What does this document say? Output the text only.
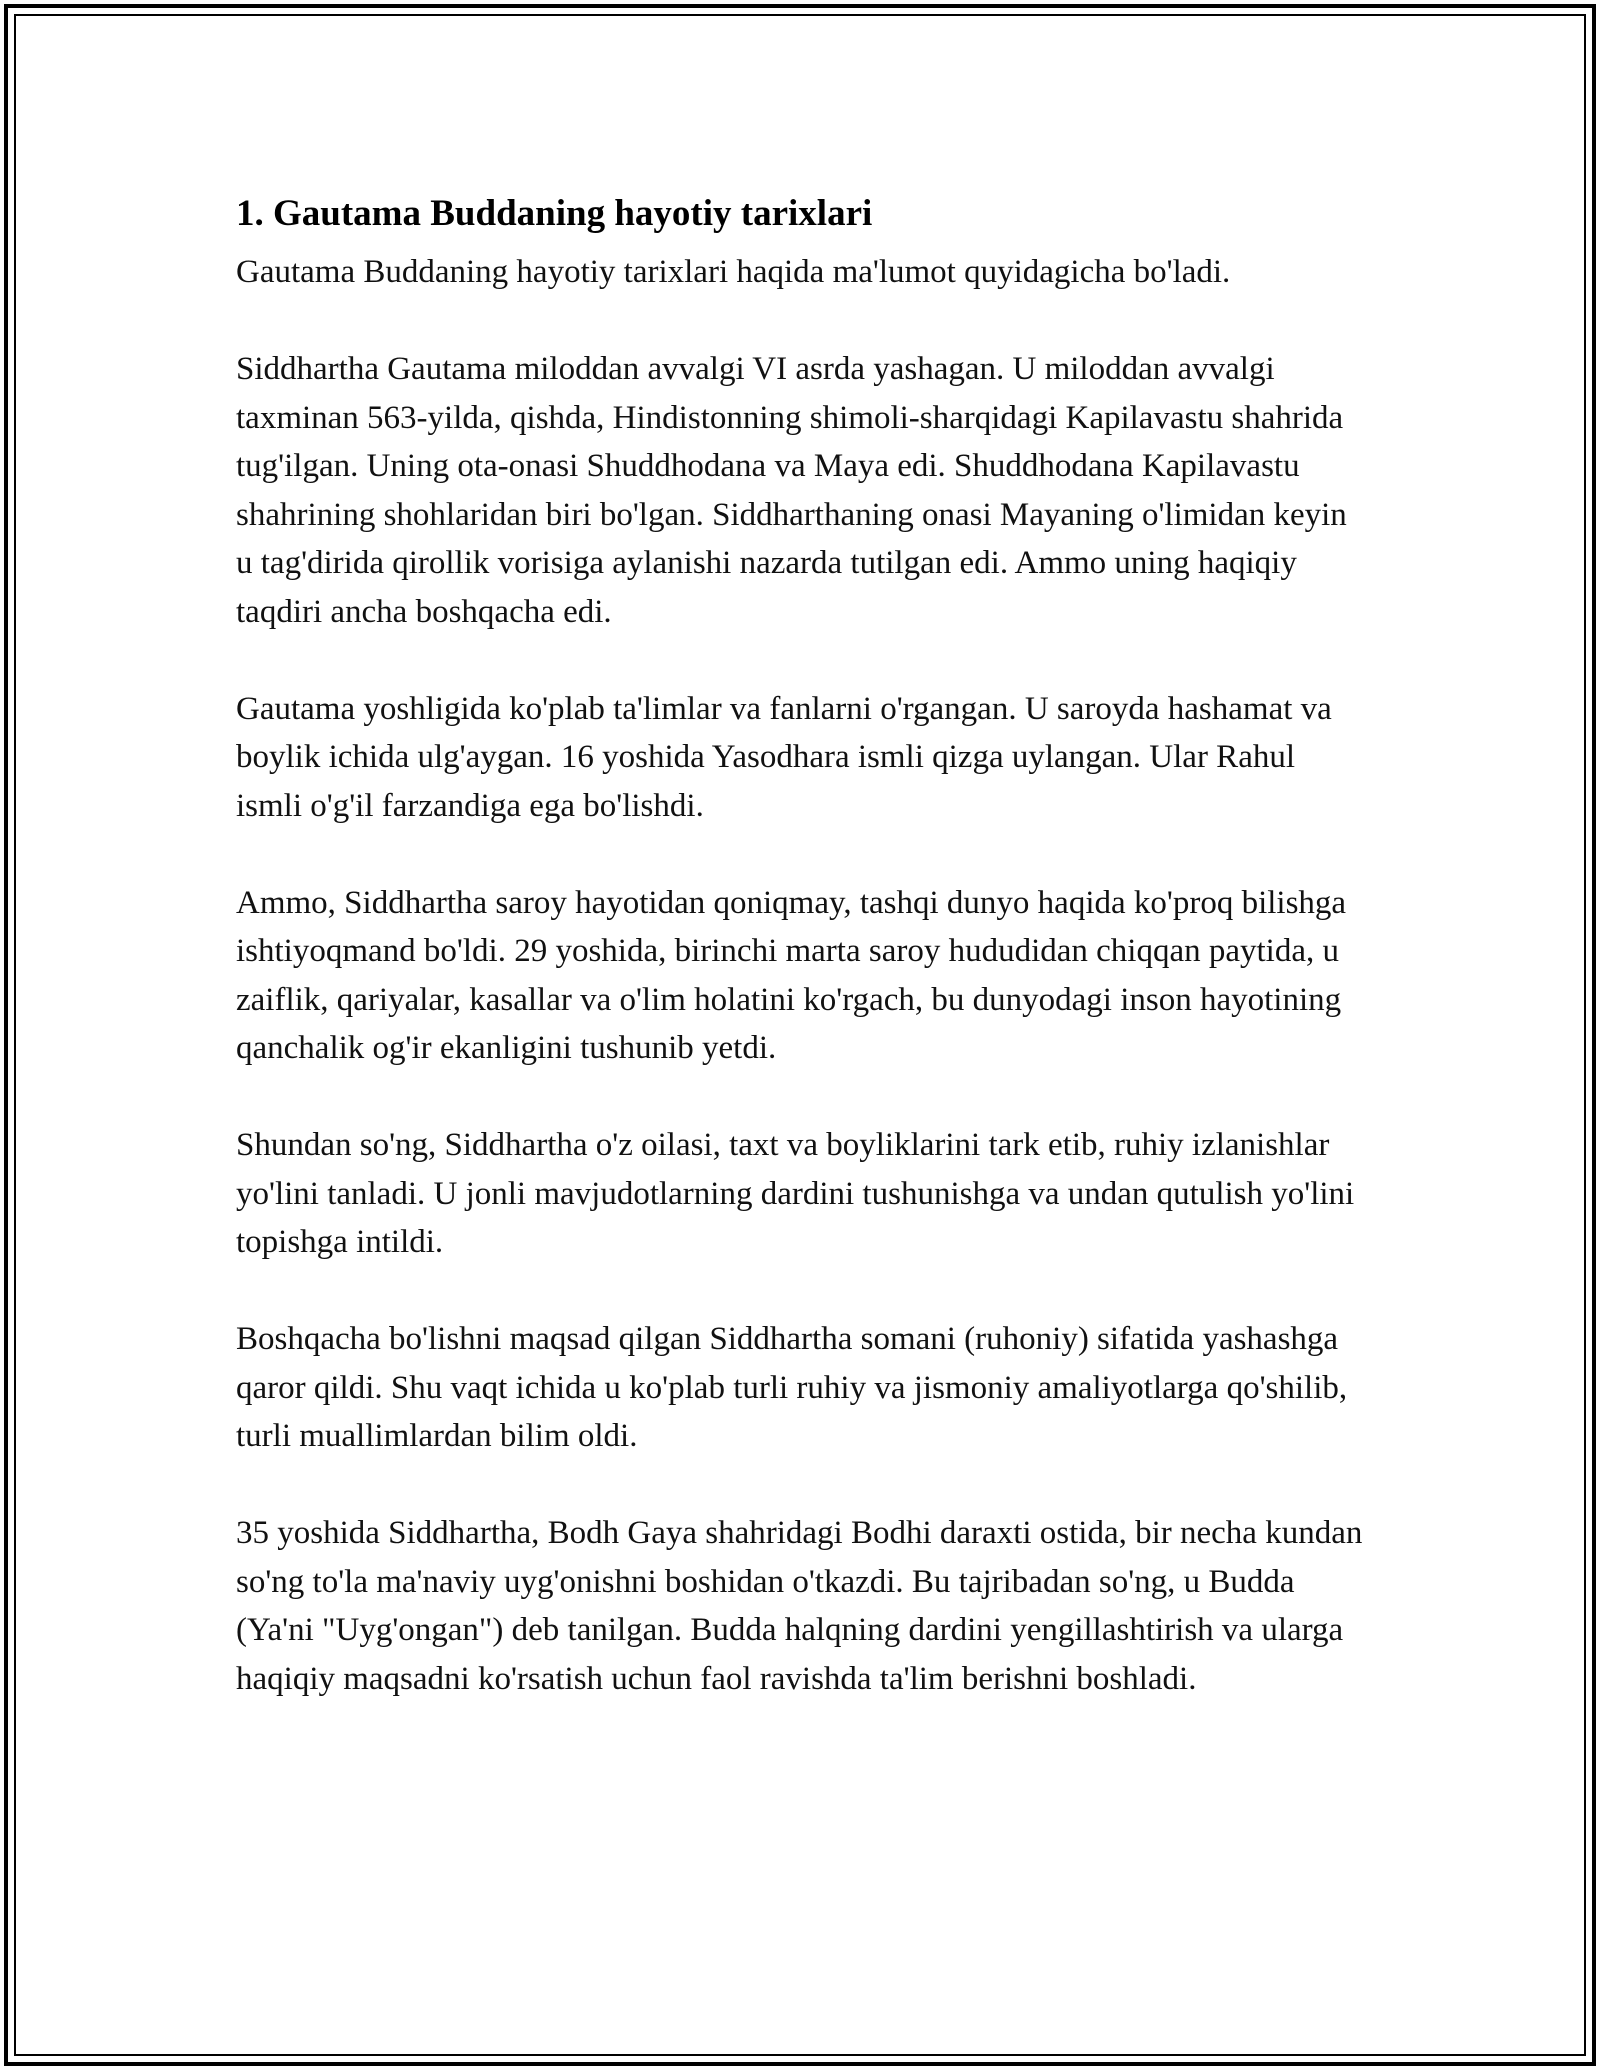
1. Gautama Buddaning hayotiy tarixlari

Gautama Buddaning hayotiy tarixlari haqida ma'lumot quyidagicha bo'ladi.

Siddhartha Gautama miloddan avvalgi VI asrda yashagan. U miloddan avvalgi taxminan 563-yilda, qishda, Hindistonning shimoli-sharqidagi Kapilavastu shahrida tug'ilgan. Uning ota-onasi Shuddhodana va Maya edi. Shuddhodana Kapilavastu shahrining shohlaridan biri bo'lgan. Siddharthaning onasi Mayaning o'limidan keyin u tag'dirida qirollik vorisiga aylanishi nazarda tutilgan edi. Ammo uning haqiqiy taqdiri ancha boshqacha edi.

Gautama yoshligida ko'plab ta'limlar va fanlarni o'rgangan. U saroyda hashamat va boylik ichida ulg'aygan. 16 yoshida Yasodhara ismli qizga uylangan. Ular Rahul ismli o'g'il farzandiga ega bo'lishdi.

Ammo, Siddhartha saroy hayotidan qoniqmay, tashqi dunyo haqida ko'proq bilishga ishtiyoqmand bo'ldi. 29 yoshida, birinchi marta saroy hududidan chiqqan paytida, u zaiflik, qariyalar, kasallar va o'lim holatini ko'rgach, bu dunyodagi inson hayotining qanchalik og'ir ekanligini tushunib yetdi.

Shundan so'ng, Siddhartha o'z oilasi, taxt va boyliklarini tark etib, ruhiy izlanishlar yo'lini tanladi. U jonli mavjudotlarning dardini tushunishga va undan qutulish yo'lini topishga intildi.

Boshqacha bo'lishni maqsad qilgan Siddhartha somani (ruhoniy) sifatida yashashga qaror qildi. Shu vaqt ichida u ko'plab turli ruhiy va jismoniy amaliyotlarga qo'shilib, turli muallimlardan bilim oldi.

35 yoshida Siddhartha, Bodh Gaya shahridagi Bodhi daraxti ostida, bir necha kundan so'ng to'la ma'naviy uyg'onishni boshidan o'tkazdi. Bu tajribadan so'ng, u Budda (Ya'ni "Uyg'ongan") deb tanilgan. Budda halqning dardini yengillashtirish va ularga haqiqiy maqsadni ko'rsatish uchun faol ravishda ta'lim berishni boshladi.
